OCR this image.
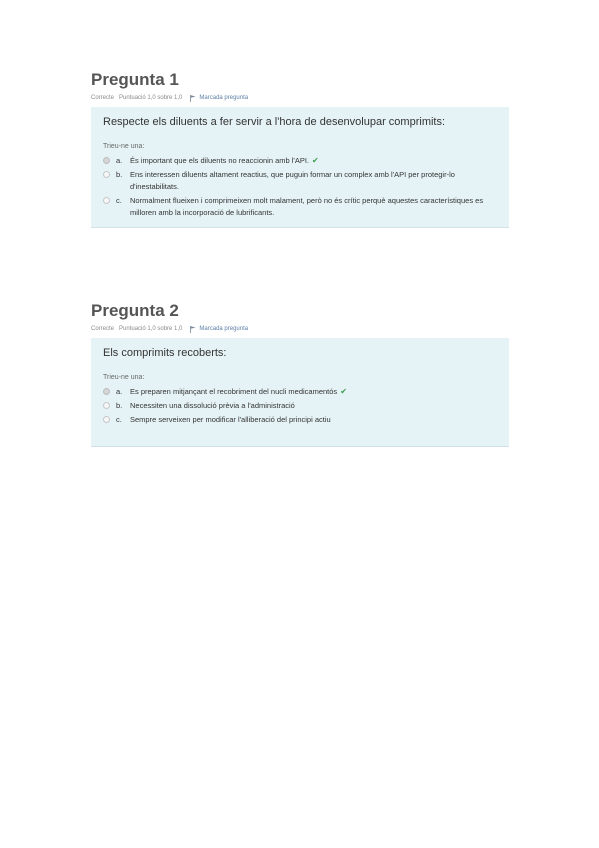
Pregunta 1
Correcte Puntuació 1,0 sobre 1,0	Marcada pregunta

Respecte els diluents a fer servir a l'hora de desenvolupar comprimits:

Trieu-ne una:
a.	És important que els diluents no reaccionin amb l'API. ✔
b.	Ens interessen diluents altament reactius, que puguin formar un complex amb l'API per protegir-lo d'inestabilitats.
c.	Normalment flueixen i comprimeixen molt malament, però no és crític perquè aquestes característiques es milloren amb la incorporació de lubrificants.
Pregunta 2
Correcte Puntuació 1,0 sobre 1,0	Marcada pregunta

Els comprimits recoberts:

Trieu-ne una:
a.	Es preparen mitjançant el recobriment del nucli medicamentós ✔
b.	Necessiten una dissolució prèvia a l'administració
c.	Sempre serveixen per modificar l'alliberació del principi actiu
